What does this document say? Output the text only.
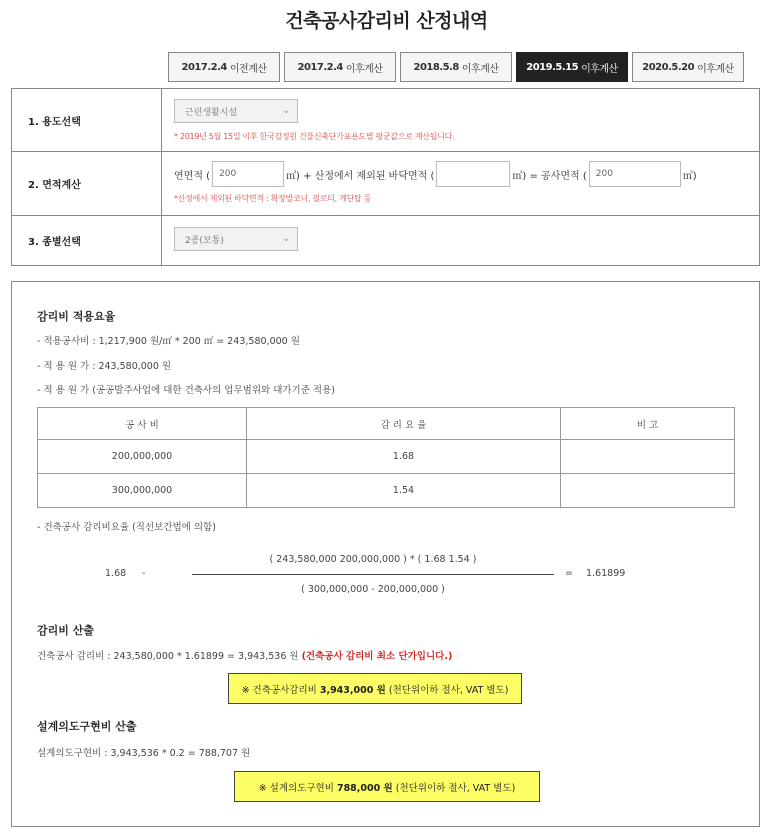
건축공사감리비 산정내역
2017.2.4 이전계산	2017.2.4 이후계산	2018.5.8 이후계산	2019.5.15 이후계산 2020.5.20 이후계산
1. 용도선택
근린생활시설	⌄
* 2019년 5월 15일 이후 한국감정원 건물신축단가표용도별 평균값으로 계산됩니다.
2. 면적계산
연면적 (	200	㎡) + 산정에서 제외된 바닥면적 (	㎡) = 공사면적 (	200	㎡)
*산정에서 제외된 바닥면적 : 확장발코니, 필로티, 계단탑 등
3. 종별선택	2종(보통)	⌄
감리비 적용요율
- 적용공사비 : 1,217,900 원/㎡ * 200 ㎡ = 243,580,000 원
- 적 용 원 가 : 243,580,000 원
- 적 용 원 가 (공공발주사업에 대한 건축사의 업무범위와 대가기준 적용)
공 사 비	감 리 요 율	비 고
200,000,000	1.68	
300,000,000	1.54	
- 건축공사 감리비요율 (직선보간법에 의함)
1.68 -
( 243,580,000 200,000,000 ) * ( 1.68 1.54 )
( 300,000,000 - 200,000,000 )
= 1.61899
감리비 산출
건축공사 감리비 : 243,580,000 * 1.61899 = 3,943,536 원 (건축공사 감리비 최소 단가입니다.)
※ 건축공사감리비
3,943,000 원
(천단위이하 절사, VAT 별도)
설계의도구현비 산출
설계의도구현비 : 3,943,536 * 0.2 = 788,707 원
※ 설계의도구현비
788,000 원
(천단위이하 절사, VAT 별도)
